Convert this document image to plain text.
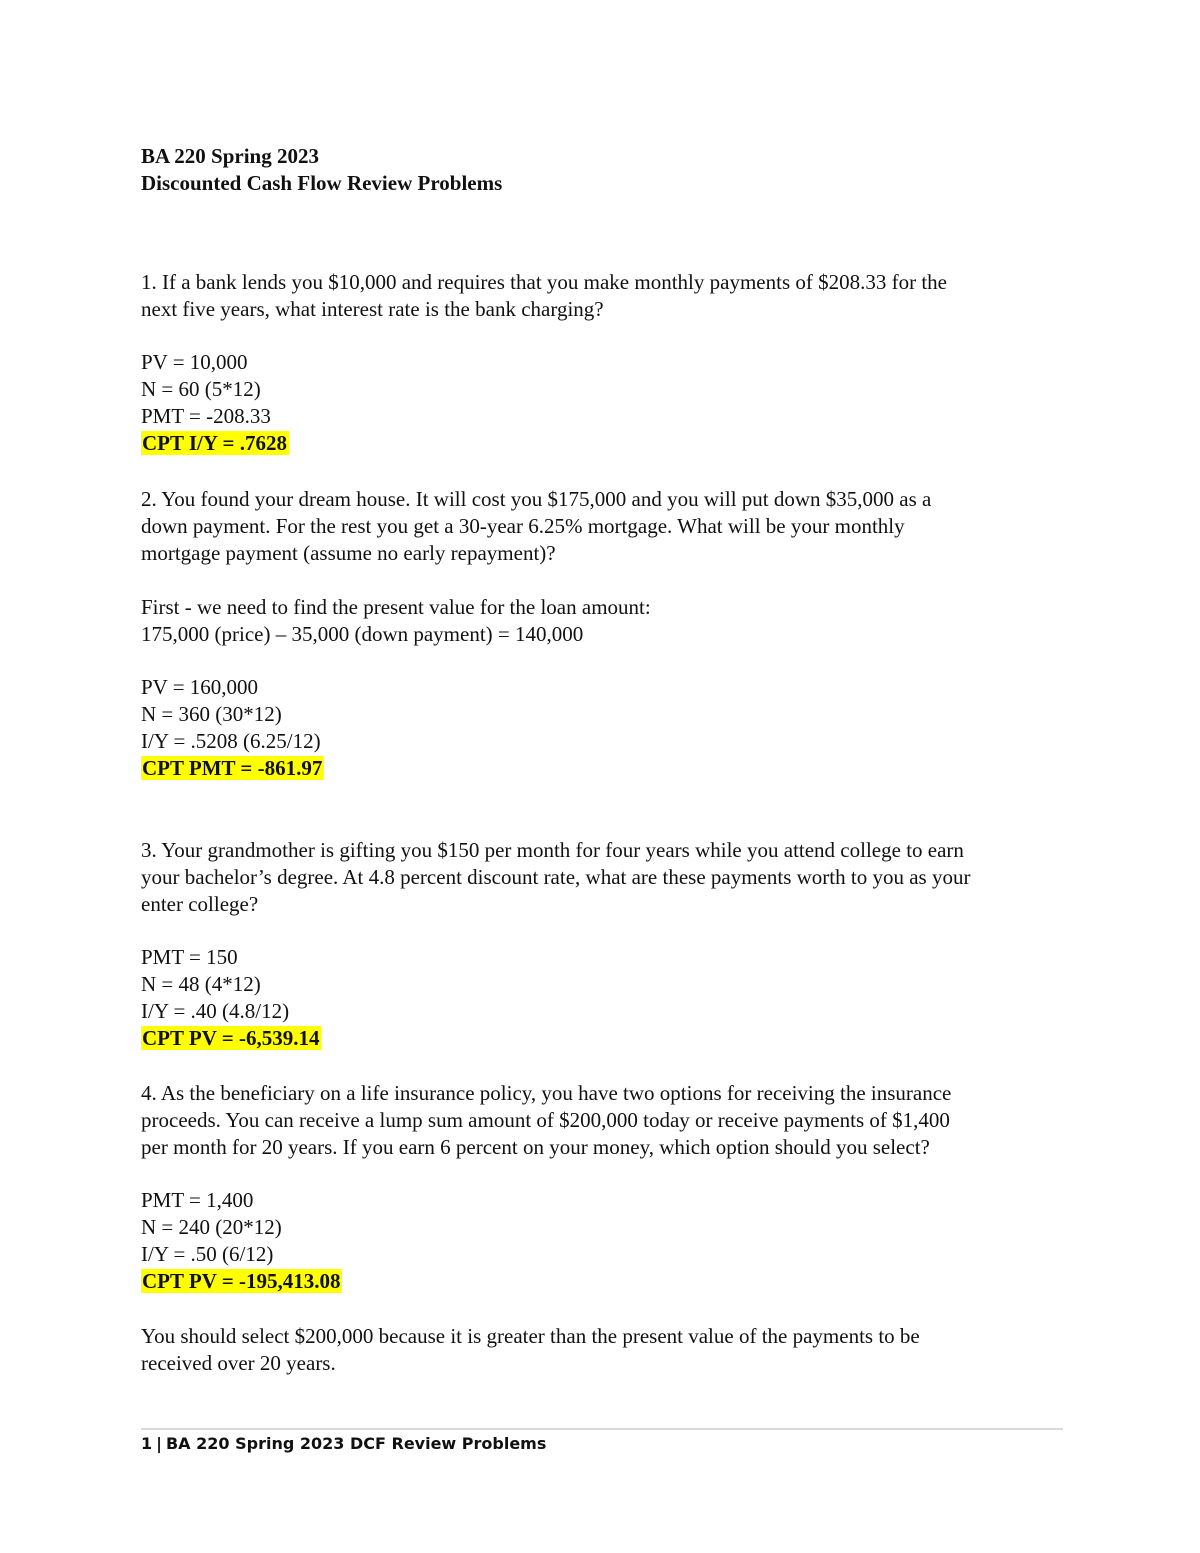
BA 220 Spring 2023
Discounted Cash Flow Review Problems
1. If a bank lends you $10,000 and requires that you make monthly payments of $208.33 for the
next five years, what interest rate is the bank charging?
PV = 10,000
N = 60 (5*12)
PMT = -208.33
CPT I/Y = .7628
2. You found your dream house. It will cost you $175,000 and you will put down $35,000 as a
down payment. For the rest you get a 30-year 6.25% mortgage. What will be your monthly
mortgage payment (assume no early repayment)?
First - we need to find the present value for the loan amount:
175,000 (price) – 35,000 (down payment) = 140,000
PV = 160,000
N = 360 (30*12)
I/Y = .5208 (6.25/12)
CPT PMT = -861.97
3. Your grandmother is gifting you $150 per month for four years while you attend college to earn
your bachelor’s degree. At 4.8 percent discount rate, what are these payments worth to you as your
enter college?
PMT = 150
N = 48 (4*12)
I/Y = .40 (4.8/12)
CPT PV = -6,539.14
4. As the beneficiary on a life insurance policy, you have two options for receiving the insurance
proceeds. You can receive a lump sum amount of $200,000 today or receive payments of $1,400
per month for 20 years. If you earn 6 percent on your money, which option should you select?
PMT = 1,400
N = 240 (20*12)
I/Y = .50 (6/12)
CPT PV = -195,413.08
You should select $200,000 because it is greater than the present value of the payments to be
received over 20 years.
1 | BA 220 Spring 2023 DCF Review Problems
